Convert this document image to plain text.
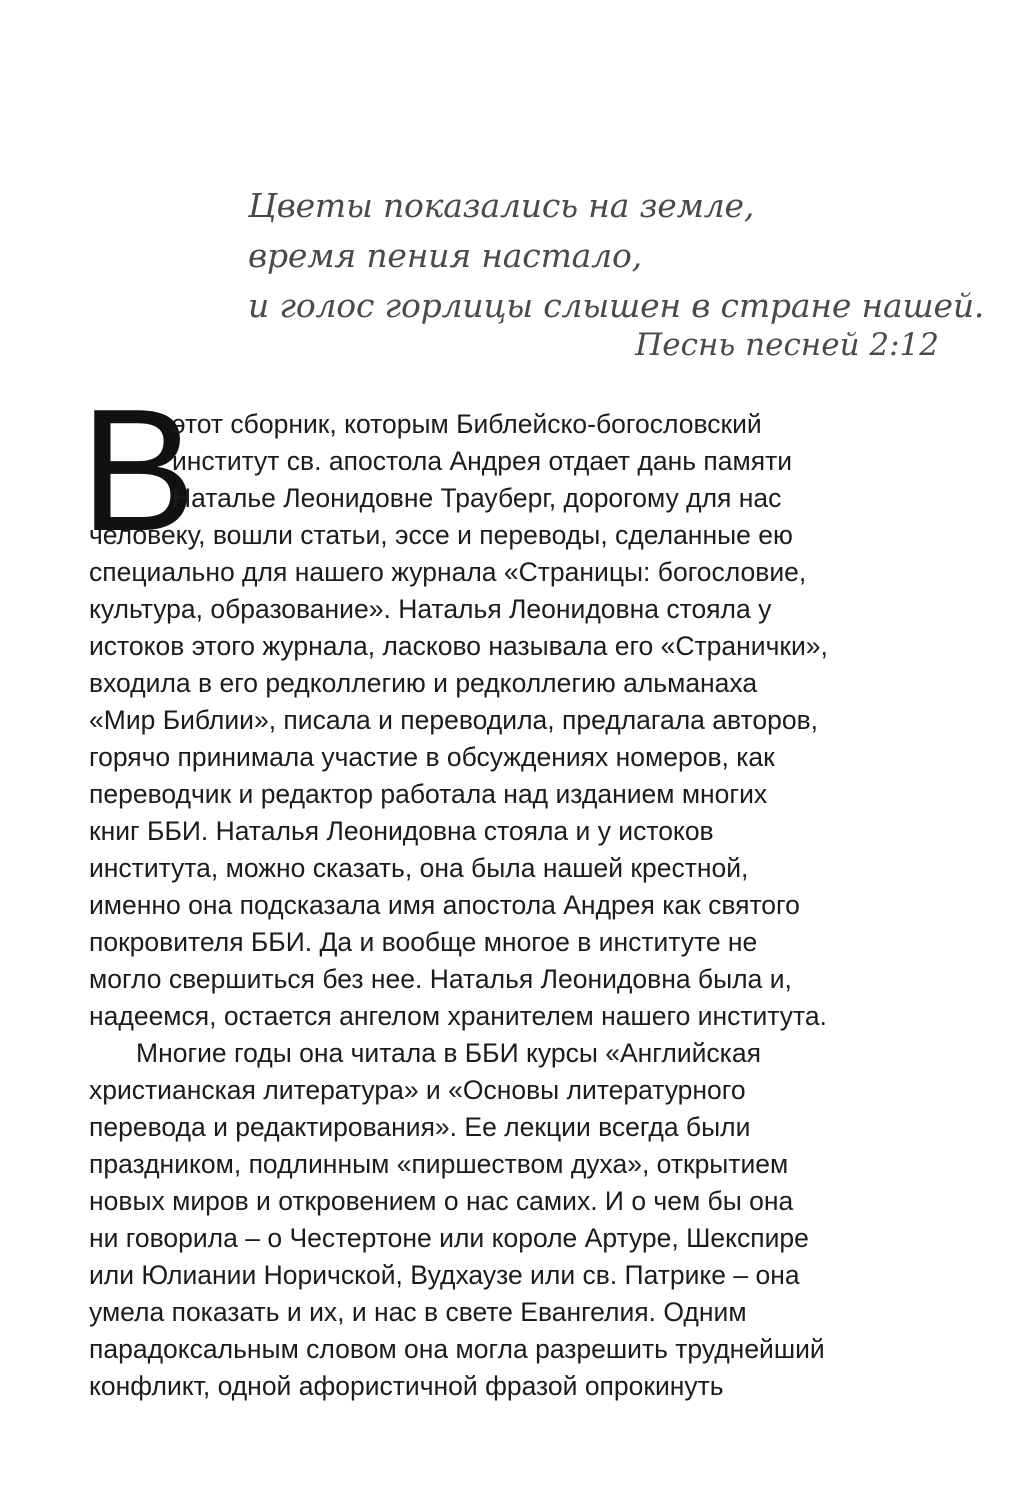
Цветы показались на земле,
время пения настало,
и голос горлицы слышен в стране нашей.
Песнь песней 2:12
В
этот сборник, которым Библейско-богословский
институт св. апостола Андрея отдает дань памяти
Наталье Леонидовне Трауберг, дорогому для нас
человеку, вошли статьи, эссе и переводы, сделанные ею
специально для нашего журнала «Страницы: богословие,
культура, образование». Наталья Леонидовна стояла у
истоков этого журнала, ласково называла его «Странички»,
входила в его редколлегию и редколлегию альманаха
«Мир Библии», писала и переводила, предлагала авторов,
горячо принимала участие в обсуждениях номеров, как
переводчик и редактор работала над изданием многих
книг ББИ. Наталья Леонидовна стояла и у истоков
института, можно сказать, она была нашей крестной,
именно она подсказала имя апостола Андрея как святого
покровителя ББИ. Да и вообще многое в институте не
могло свершиться без нее. Наталья Леонидовна была и,
надеемся, остается ангелом хранителем нашего института.
Многие годы она читала в ББИ курсы «Английская
христианская литература» и «Основы литературного
перевода и редактирования». Ее лекции всегда были
праздником, подлинным «пиршеством духа», открытием
новых миров и откровением о нас самих. И о чем бы она
ни говорила – о Честертоне или короле Артуре, Шекспире
или Юлиании Норичской, Вудхаузе или св. Патрике – она
умела показать и их, и нас в свете Евангелия. Одним
парадоксальным словом она могла разрешить труднейший
конфликт, одной афористичной фразой опрокинуть
